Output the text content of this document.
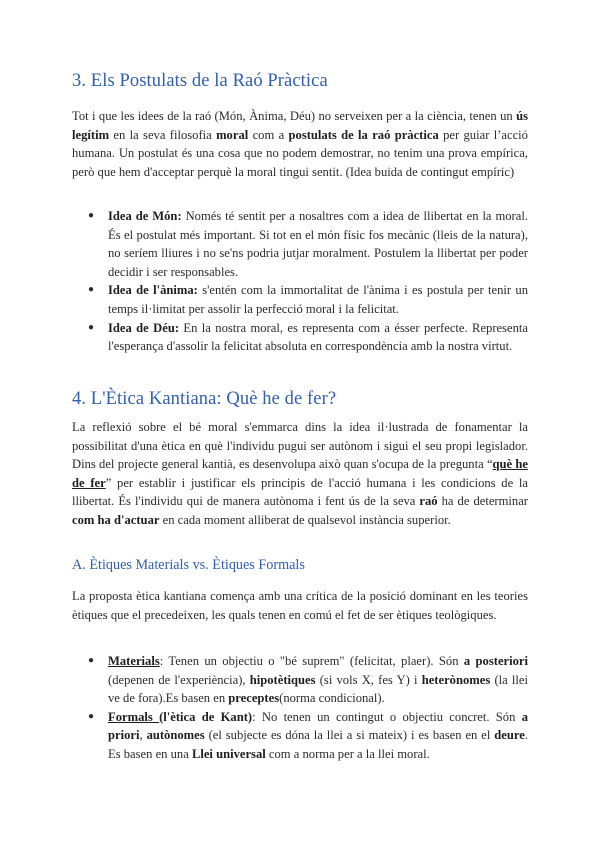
3. Els Postulats de la Raó Pràctica

Tot i que les idees de la raó (Món, Ànima, Déu) no serveixen per a la ciència, tenen un ús legítim en la seva filosofia moral com a postulats de la raó pràctica per guiar l’acció humana. Un postulat és una cosa que no podem demostrar, no tenim una prova empírica, però que hem d'acceptar perquè la moral tingui sentit. (Idea buida de contingut empíric)

● Idea de Món: Només té sentit per a nosaltres com a idea de llibertat en la moral. És el postulat més important. Si tot en el món físic fos mecànic (lleis de la natura), no seríem lliures i no se'ns podria jutjar moralment. Postulem la llibertat per poder decidir i ser responsables.
● Idea de l'ànima: s'entén com la immortalitat de l'ànima i es postula per tenir un temps il·limitat per assolir la perfecció moral i la felicitat.
● Idea de Déu: En la nostra moral, es representa com a ésser perfecte. Representa l'esperança d'assolir la felicitat absoluta en correspondència amb la nostra virtut.
4. L'Ètica Kantiana: Què he de fer?

La reflexió sobre el bé moral s'emmarca dins la idea il·lustrada de fonamentar la possibilitat d'una ètica en què l'individu pugui ser autònom i sigui el seu propi legislador. Dins del projecte general kantià, es desenvolupa això quan s'ocupa de la pregunta “què he de fer” per establir i justificar els principis de l'acció humana i les condicions de la llibertat. És l'individu qui de manera autònoma i fent ús de la seva raó ha de determinar com ha d'actuar en cada moment alliberat de qualsevol instància superior.

A. Ètiques Materials vs. Ètiques Formals

La proposta ètica kantiana comença amb una crítica de la posició dominant en les teories ètiques que el precedeixen, les quals tenen en comú el fet de ser ètiques teològiques.

● Materials: Tenen un objectiu o "bé suprem" (felicitat, plaer). Són a posteriori (depenen de l'experiència), hipotètiques (si vols X, fes Y) i heterònomes (la llei ve de fora).Es basen en preceptes(norma condicional).
● Formals (l'ètica de Kant): No tenen un contingut o objectiu concret. Són a priori, autònomes (el subjecte es dóna la llei a si mateix) i es basen en el deure. Es basen en una Llei universal com a norma per a la llei moral.
